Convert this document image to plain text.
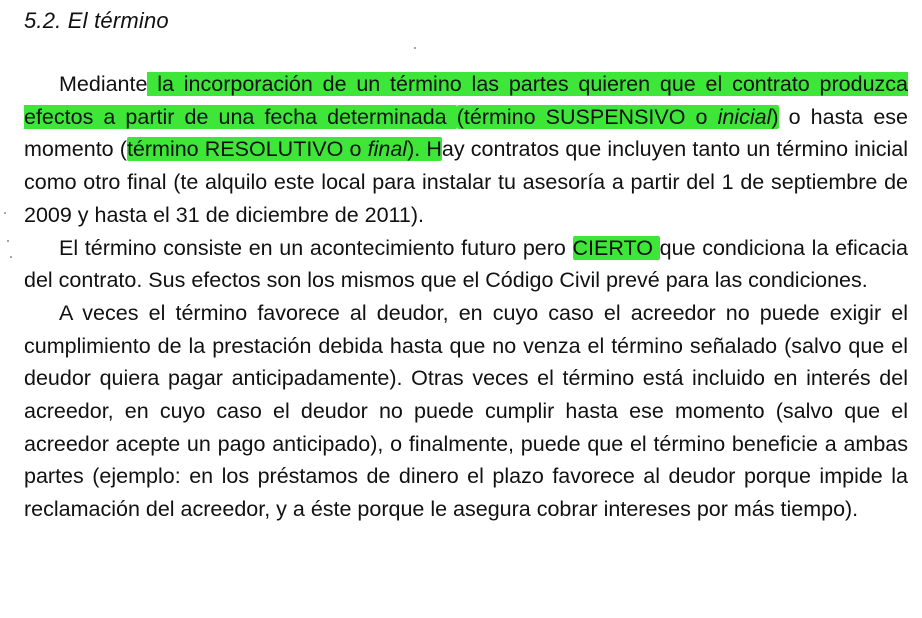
5.2. El término

Mediante la incorporación de un término las partes quieren que el contrato produzca efectos a partir de una fecha determinada (término SUSPENSIVO o inicial) o hasta ese momento (término RESOLUTIVO o final). Hay contratos que incluyen tanto un término inicial como otro final (te alquilo este local para instalar tu asesoría a partir del 1 de septiembre de 2009 y hasta el 31 de diciembre de 2011).

El término consiste en un acontecimiento futuro pero CIERTO que condiciona la eficacia del contrato. Sus efectos son los mismos que el Código Civil prevé para las condiciones.

A veces el término favorece al deudor, en cuyo caso el acreedor no puede exigir el cumplimiento de la prestación debida hasta que no venza el término señalado (salvo que el deudor quiera pagar anticipadamente). Otras veces el término está incluido en interés del acreedor, en cuyo caso el deudor no puede cumplir hasta ese momento (salvo que el acreedor acepte un pago anticipado), o finalmente, puede que el término beneficie a ambas partes (ejemplo: en los préstamos de dinero el plazo favorece al deudor porque impide la reclamación del acreedor, y a éste porque le asegura cobrar intereses por más tiempo).
